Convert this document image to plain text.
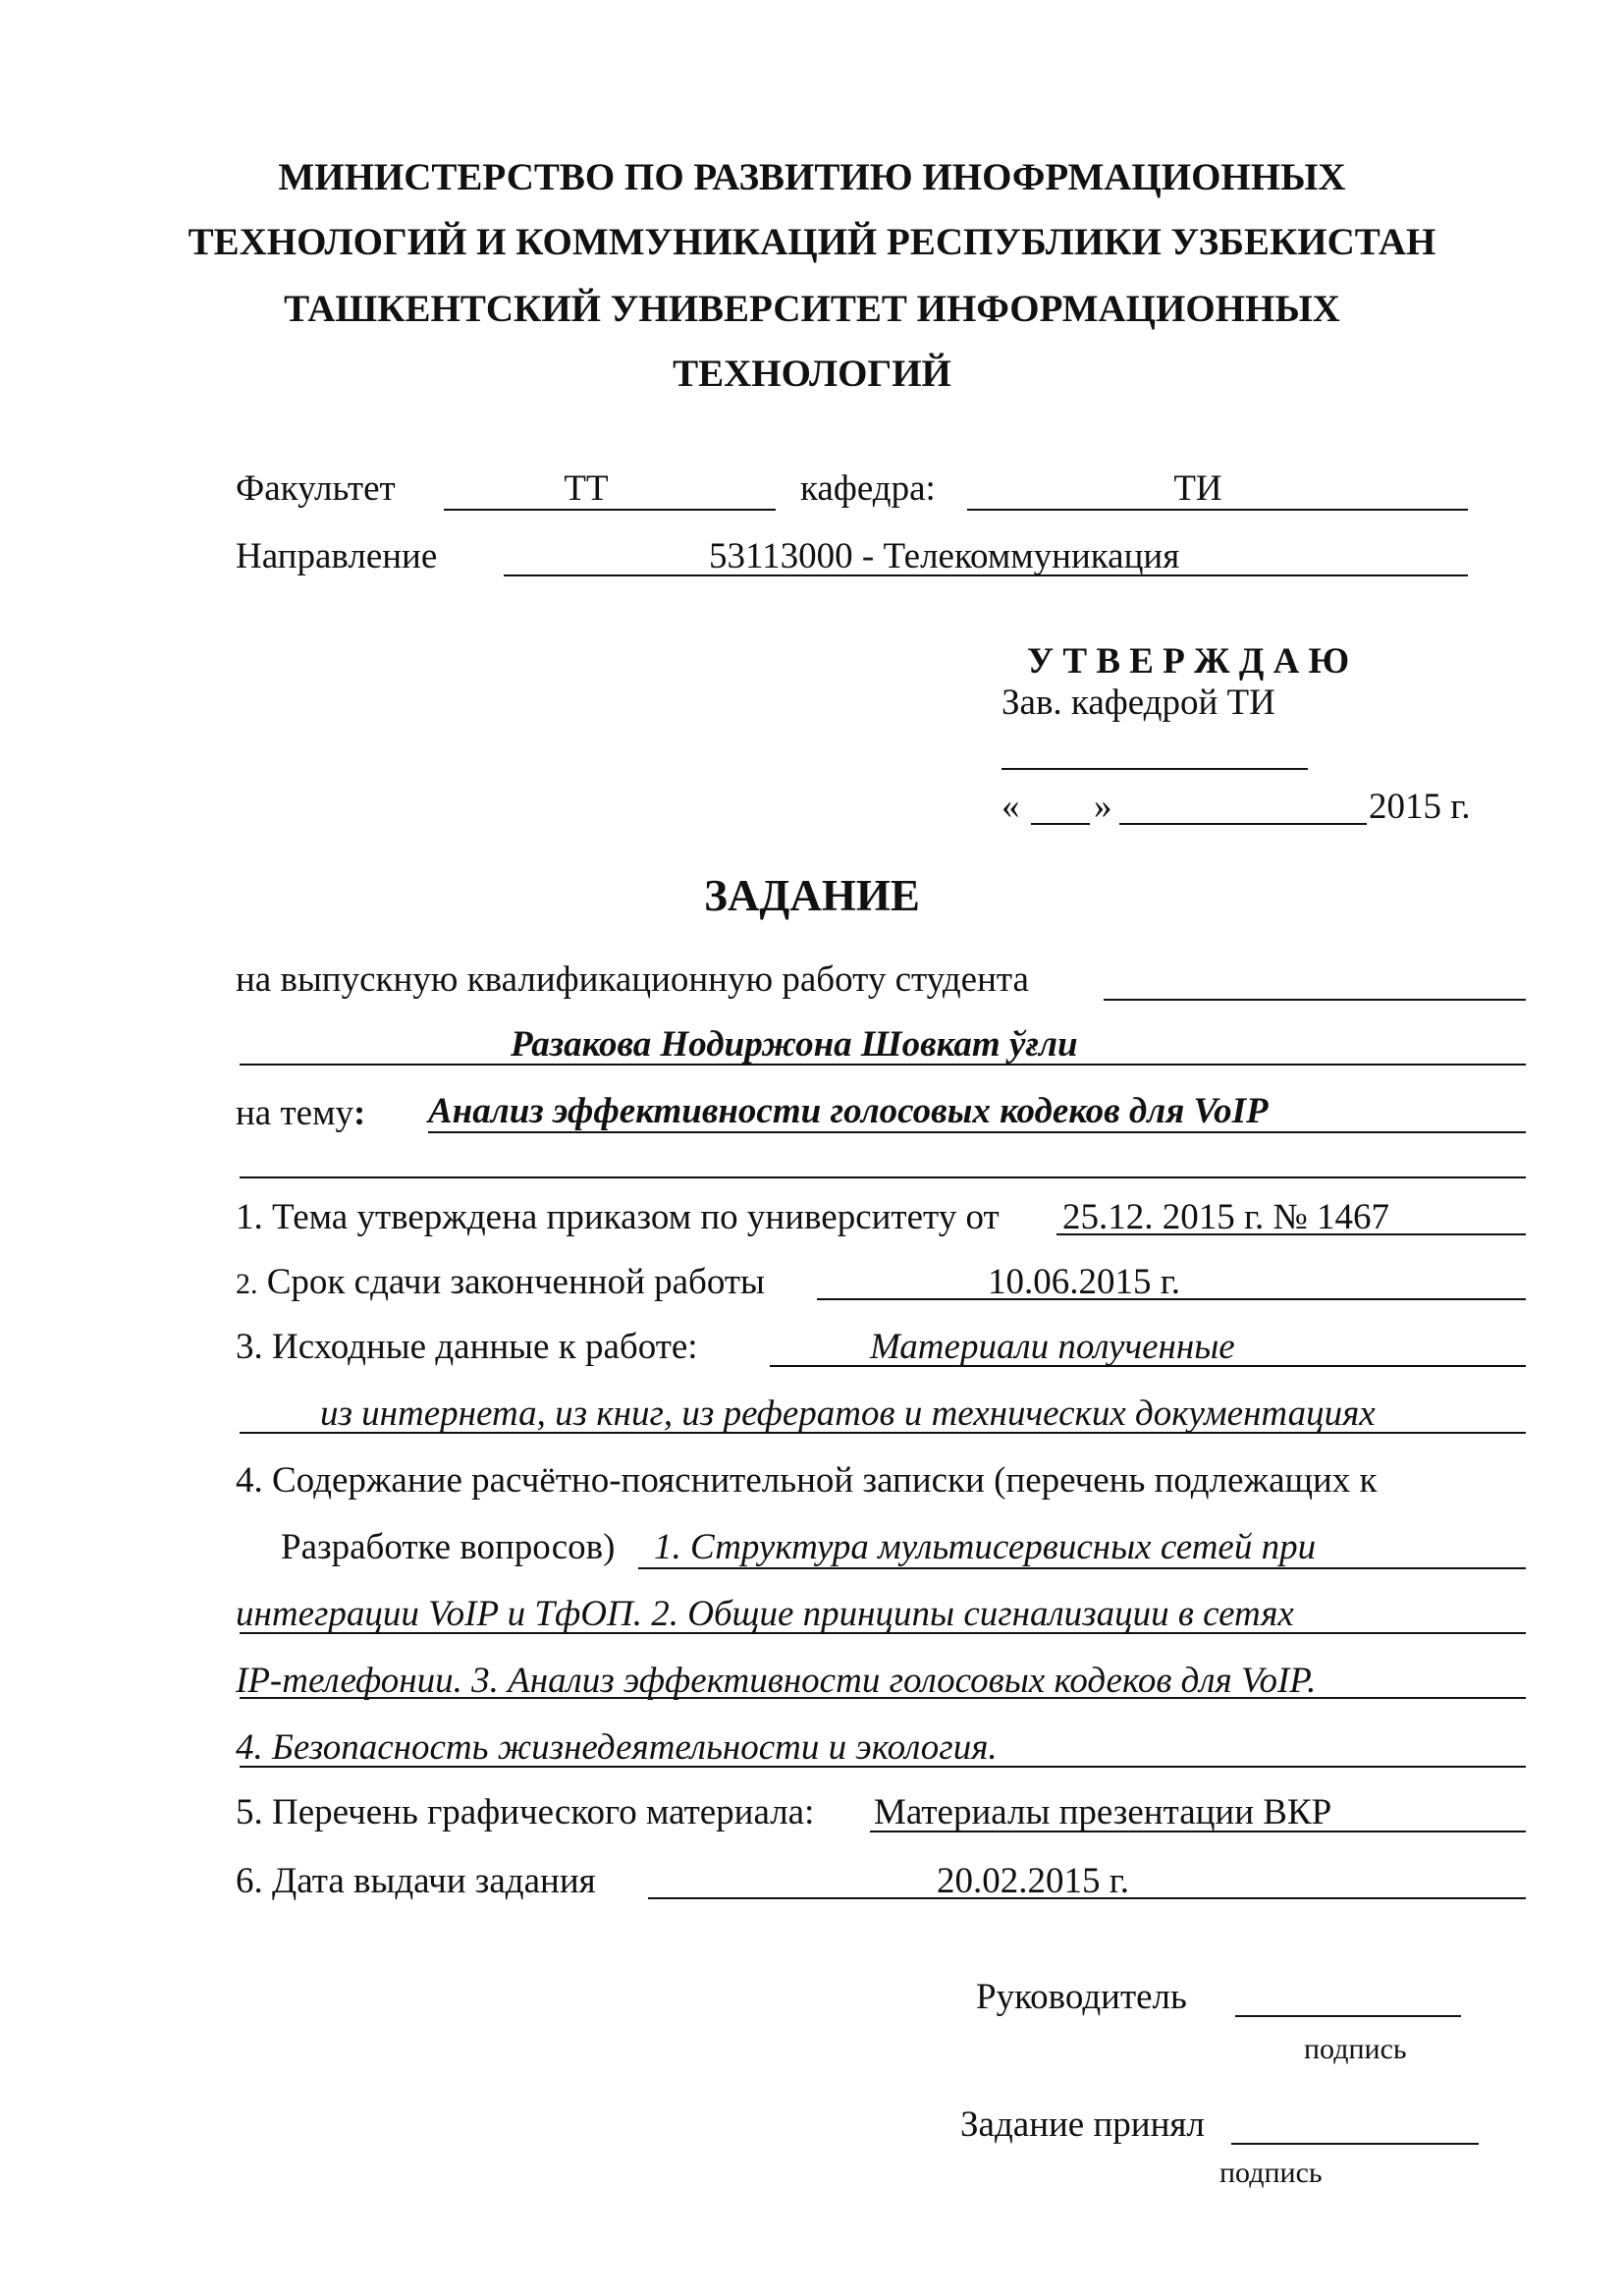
МИНИСТЕРСТВО ПО РАЗВИТИЮ ИНОФРМАЦИОННЫХ
ТЕХНОЛОГИЙ И КОММУНИКАЦИЙ РЕСПУБЛИКИ УЗБЕКИСТАН
ТАШКЕНТСКИЙ УНИВЕРСИТЕТ ИНФОРМАЦИОННЫХ
ТЕХНОЛОГИЙ
Факультет	ТТ	кафедра:	ТИ
Направление	53113000 - Телекоммуникация
У Т В Е Р Ж Д А Ю
Зав. кафедрой ТИ
« »	2015 г.
ЗАДАНИЕ
на выпускную квалификационную работу студента
Разакова Нодиржона Шовкат ўғли
на тему: Анализ эффективности голосовых кодеков для VoIP
1. Тема утверждена приказом по университету от 25.12. 2015 г. № 1467
2. Срок сдачи законченной работы	10.06.2015 г.
3. Исходные данные к работе:	Материали полученные
из интернета, из книг, из рефератов и технических документациях
4. Содержание расчётно-пояснительной записки (перечень подлежащих к
Разработке вопросов) 1. Структура мультисервисных сетей при
интеграции VoIP и ТфОП. 2. Общие принципы сигнализации в сетях
IP-телефонии. 3. Анализ эффективности голосовых кодеков для VoIP.
4. Безопасность жизнедеятельности и экология.
5. Перечень графического материала: Материалы презентации ВКР
6. Дата выдачи задания	20.02.2015 г.
Руководитель
подпись
Задание принял
подпись
